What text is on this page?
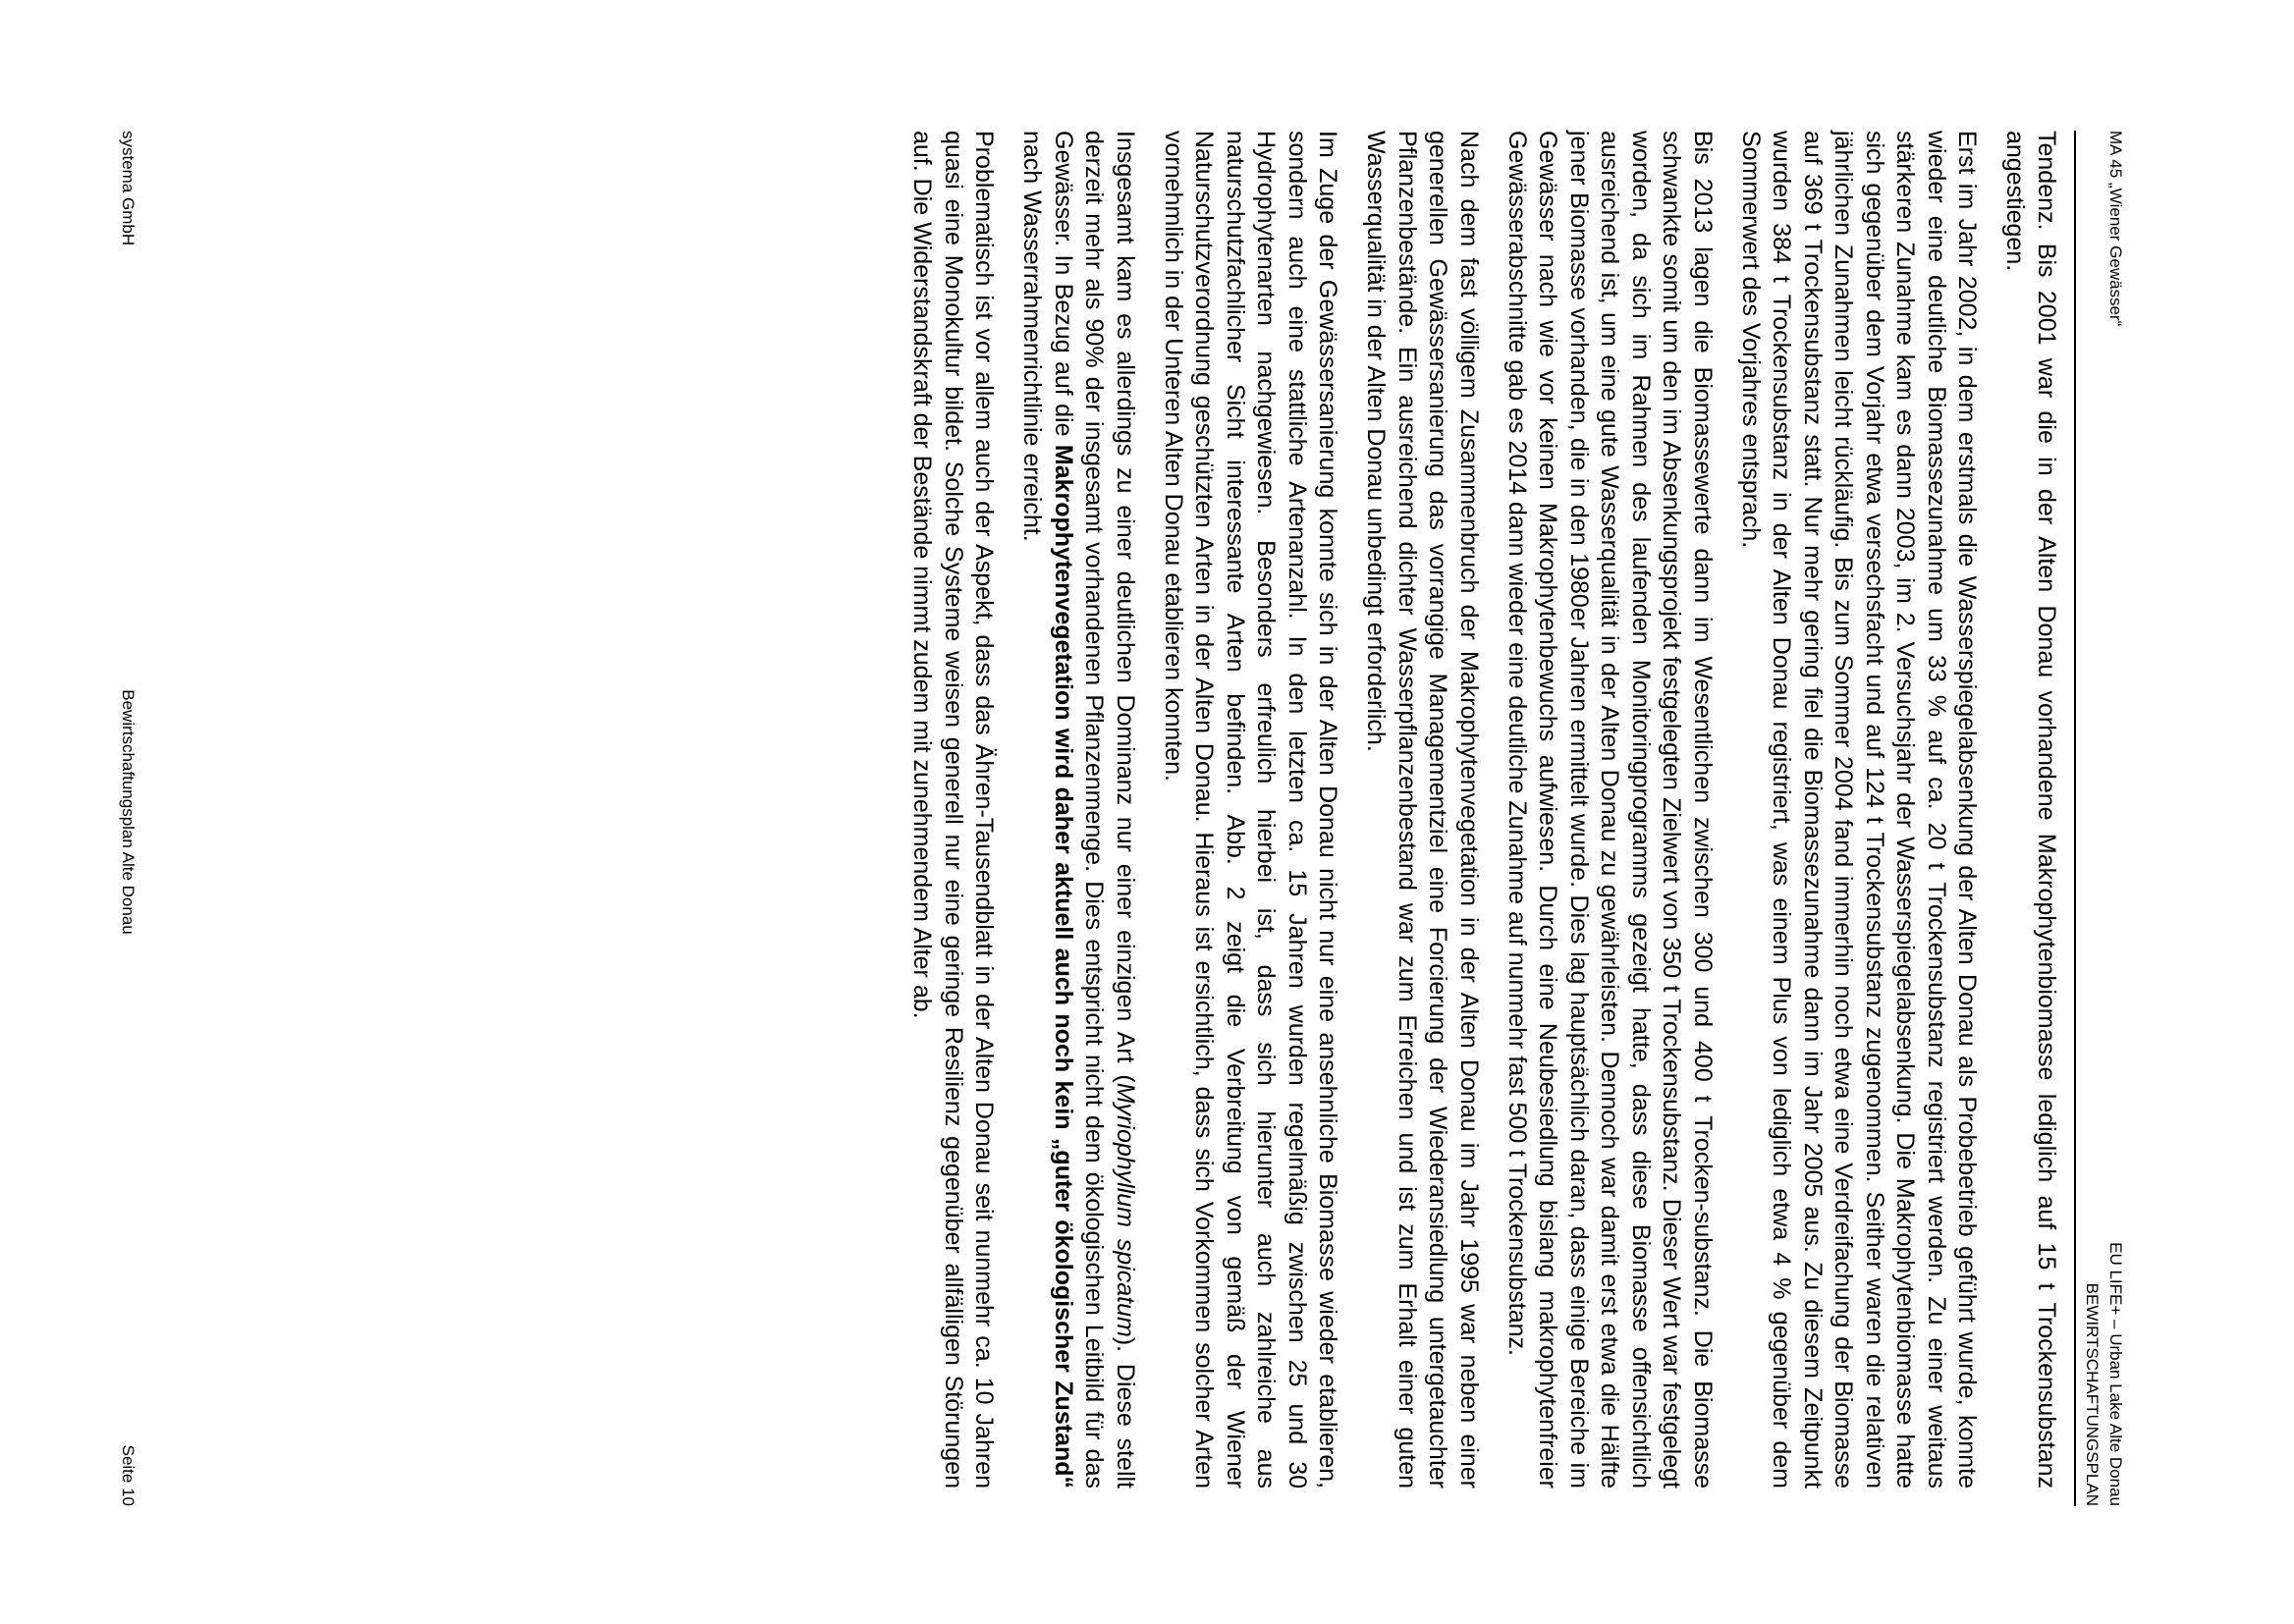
MA 45 „Wiener Gewässer“
EU LIFE+ – Urban Lake Alte Donau
BEWIRTSCHAFTUNGSPLAN

Tendenz. Bis 2001 war die in der Alten Donau vorhandene Makrophytenbiomasse lediglich auf 15 t Trockensubstanz angestiegen.

Erst im Jahr 2002, in dem erstmals die Wasserspiegelabsenkung der Alten Donau als Probebetrieb geführt wurde, konnte wieder eine deutliche Biomassezunahme um 33 % auf ca. 20 t Trockensubstanz registriert werden. Zu einer weitaus stärkeren Zunahme kam es dann 2003, im 2. Versuchsjahr der Wasserspiegelabsenkung. Die Makrophytenbiomasse hatte sich gegenüber dem Vorjahr etwa versechsfacht und auf 124 t Trockensubstanz zugenommen. Seither waren die relativen jährlichen Zunahmen leicht rückläufig. Bis zum Sommer 2004 fand immerhin noch etwa eine Verdreifachung der Biomasse auf 369 t Trockensubstanz statt. Nur mehr gering fiel die Biomassezunahme dann im Jahr 2005 aus. Zu diesem Zeitpunkt wurden 384 t Trockensubstanz in der Alten Donau registriert, was einem Plus von lediglich etwa 4 % gegenüber dem Sommerwert des Vorjahres entsprach.

Bis 2013 lagen die Biomassewerte dann im Wesentlichen zwischen 300 und 400 t Trocken-substanz. Die Biomasse schwankte somit um den im Absenkungsprojekt festgelegten Zielwert von 350 t Trockensubstanz. Dieser Wert war festgelegt worden, da sich im Rahmen des laufenden Monitoringprogramms gezeigt hatte, dass diese Biomasse offensichtlich ausreichend ist, um eine gute Wasserqualität in der Alten Donau zu gewährleisten. Dennoch war damit erst etwa die Hälfte jener Biomasse vorhanden, die in den 1980er Jahren ermittelt wurde. Dies lag hauptsächlich daran, dass einige Bereiche im Gewässer nach wie vor keinen Makrophytenbewuchs aufwiesen. Durch eine Neubesiedlung bislang makrophytenfreier Gewässerabschnitte gab es 2014 dann wieder eine deutliche Zunahme auf nunmehr fast 500 t Trockensubstanz.

Nach dem fast völligem Zusammenbruch der Makrophytenvegetation in der Alten Donau im Jahr 1995 war neben einer generellen Gewässersanierung das vorrangige Managementziel eine Forcierung der Wiederansiedlung untergetauchter Pflanzenbestände. Ein ausreichend dichter Wasserpflanzenbestand war zum Erreichen und ist zum Erhalt einer guten Wasserqualität in der Alten Donau unbedingt erforderlich.

Im Zuge der Gewässersanierung konnte sich in der Alten Donau nicht nur eine ansehnliche Biomasse wieder etablieren, sondern auch eine stattliche Artenanzahl. In den letzten ca. 15 Jahren wurden regelmäßig zwischen 25 und 30 Hydrophytenarten nachgewiesen. Besonders erfreulich hierbei ist, dass sich hierunter auch zahlreiche aus naturschutzfachlicher Sicht interessante Arten befinden. Abb. 2 zeigt die Verbreitung von gemäß der Wiener Naturschutzverordnung geschützten Arten in der Alten Donau. Hieraus ist ersichtlich, dass sich Vorkommen solcher Arten vornehmlich in der Unteren Alten Donau etablieren konnten.

Insgesamt kam es allerdings zu einer deutlichen Dominanz nur einer einzigen Art (Myriophyllum spicatum). Diese stellt derzeit mehr als 90% der insgesamt vorhandenen Pflanzenmenge. Dies entspricht nicht dem ökologischen Leitbild für das Gewässer. In Bezug auf die Makrophytenvegetation wird daher aktuell auch noch kein „guter ökologischer Zustand“ nach Wasserrahmenrichtlinie erreicht.

Problematisch ist vor allem auch der Aspekt, dass das Ähren-Tausendblatt in der Alten Donau seit nunmehr ca. 10 Jahren quasi eine Monokultur bildet. Solche Systeme weisen generell nur eine geringe Resilienz gegenüber allfälligen Störungen auf. Die Widerstandskraft der Bestände nimmt zudem mit zunehmendem Alter ab.

systema GmbH
Bewirtschaftungsplan Alte Donau
Seite 10
